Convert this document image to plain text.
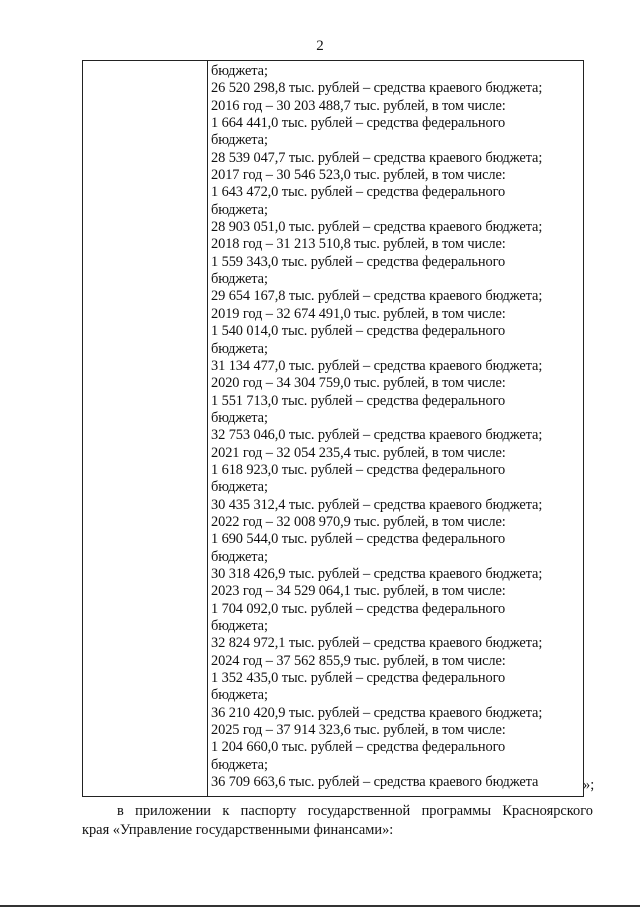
2
бюджета;
26 520 298,8 тыс. рублей – средства краевого бюджета;
2016 год – 30 203 488,7 тыс. рублей, в том числе:
1 664 441,0 тыс. рублей – средства федерального
бюджета;
28 539 047,7 тыс. рублей – средства краевого бюджета;
2017 год – 30 546 523,0 тыс. рублей, в том числе:
1 643 472,0 тыс. рублей – средства федерального
бюджета;
28 903 051,0 тыс. рублей – средства краевого бюджета;
2018 год – 31 213 510,8 тыс. рублей, в том числе:
1 559 343,0 тыс. рублей – средства федерального
бюджета;
29 654 167,8 тыс. рублей – средства краевого бюджета;
2019 год – 32 674 491,0 тыс. рублей, в том числе:
1 540 014,0 тыс. рублей – средства федерального
бюджета;
31 134 477,0 тыс. рублей – средства краевого бюджета;
2020 год – 34 304 759,0 тыс. рублей, в том числе:
1 551 713,0 тыс. рублей – средства федерального
бюджета;
32 753 046,0 тыс. рублей – средства краевого бюджета;
2021 год – 32 054 235,4 тыс. рублей, в том числе:
1 618 923,0 тыс. рублей – средства федерального
бюджета;
30 435 312,4 тыс. рублей – средства краевого бюджета;
2022 год – 32 008 970,9 тыс. рублей, в том числе:
1 690 544,0 тыс. рублей – средства федерального
бюджета;
30 318 426,9 тыс. рублей – средства краевого бюджета;
2023 год – 34 529 064,1 тыс. рублей, в том числе:
1 704 092,0 тыс. рублей – средства федерального
бюджета;
32 824 972,1 тыс. рублей – средства краевого бюджета;
2024 год – 37 562 855,9 тыс. рублей, в том числе:
1 352 435,0 тыс. рублей – средства федерального
бюджета;
36 210 420,9 тыс. рублей – средства краевого бюджета;
2025 год – 37 914 323,6 тыс. рублей, в том числе:
1 204 660,0 тыс. рублей – средства федерального
бюджета;
36 709 663,6 тыс. рублей – средства краевого бюджета	»;

в приложении к паспорту государственной программы Красноярского
края «Управление государственными финансами»:
